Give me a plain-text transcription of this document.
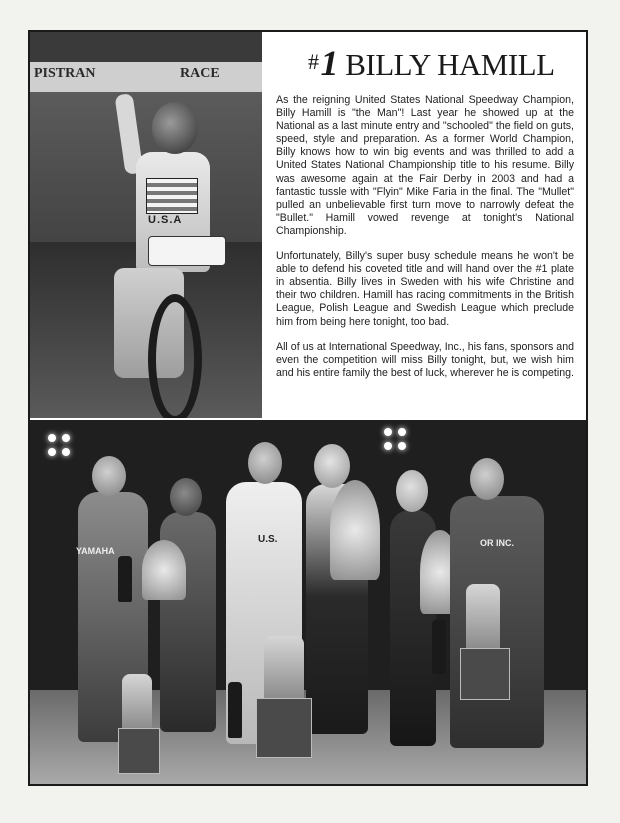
PISTRAN	RACE
U.S.A
#1 BILLY HAMILL

As the reigning United States National Speedway Champion, Billy Hamill is "the Man"! Last year he showed up at the National as a last minute entry and "schooled" the field on guts, speed, style and preparation. As a former World Champion, Billy knows how to win big events and was thrilled to add a United States National Championship title to his resume. Billy was awesome again at the Fair Derby in 2003 and had a fantastic tussle with "Flyin" Mike Faria in the final. The "Mullet" pulled an unbelievable first turn move to narrowly defeat the "Bullet." Hamill vowed revenge at tonight's National Championship.

Unfortunately, Billy's super busy schedule means he won't be able to defend his coveted title and will hand over the #1 plate in absentia. Billy lives in Sweden with his wife Christine and their two children. Hamill has racing commitments in the British League, Polish League and Swedish League which preclude him from being here tonight, too bad.

All of us at International Speedway, Inc., his fans, sponsors and even the competition will miss Billy tonight, but, we wish him and his entire family the best of luck, wherever he is competing.

YAMAHA
U.S.	OR INC.
